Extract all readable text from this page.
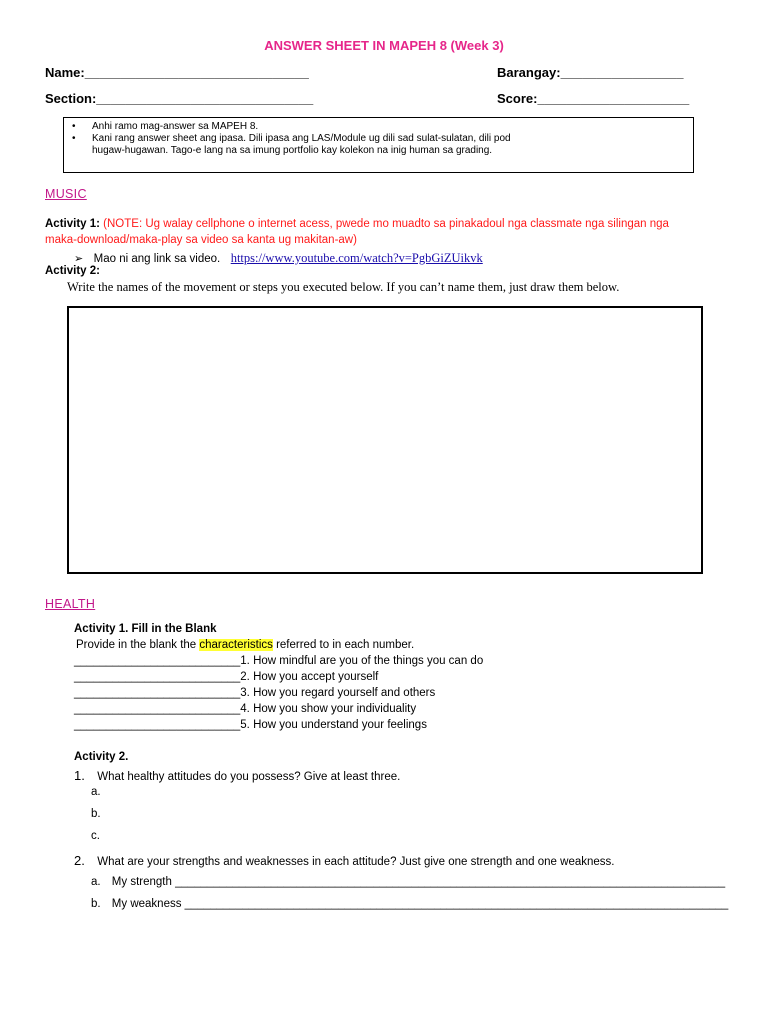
ANSWER SHEET IN MAPEH 8 (Week 3)
Name:_______________________________	Barangay:_________________
Section:______________________________	Score:_____________________
• Anhi ramo mag-answer sa MAPEH 8.
• Kani rang answer sheet ang ipasa. Dili ipasa ang LAS/Module ug dili sad sulat-sulatan, dili pod
hugaw-hugawan. Tago-e lang na sa imung portfolio kay kolekon na inig human sa grading.
MUSIC
Activity 1: (NOTE: Ug walay cellphone o internet acess, pwede mo muadto sa pinakadoul nga classmate nga silingan nga
maka-download/maka-play sa video sa kanta ug makitan-aw)
➢ Mao ni ang link sa video. https://www.youtube.com/watch?v=PgbGiZUikvk
Activity 2:
Write the names of the movement or steps you executed below. If you can’t name them, just draw them below.
HEALTH
Activity 1. Fill in the Blank
Provide in the blank the characteristics referred to in each number.
__________________________1. How mindful are you of the things you can do
__________________________2. How you accept yourself
__________________________3. How you regard yourself and others
__________________________4. How you show your individuality
__________________________5. How you understand your feelings
Activity 2.
1. What healthy attitudes do you possess? Give at least three.
a.
b.
c.
2. What are your strengths and weaknesses in each attitude? Just give one strength and one weakness.
a. My strength ______________________________________________________________________________________
b. My weakness _____________________________________________________________________________________
